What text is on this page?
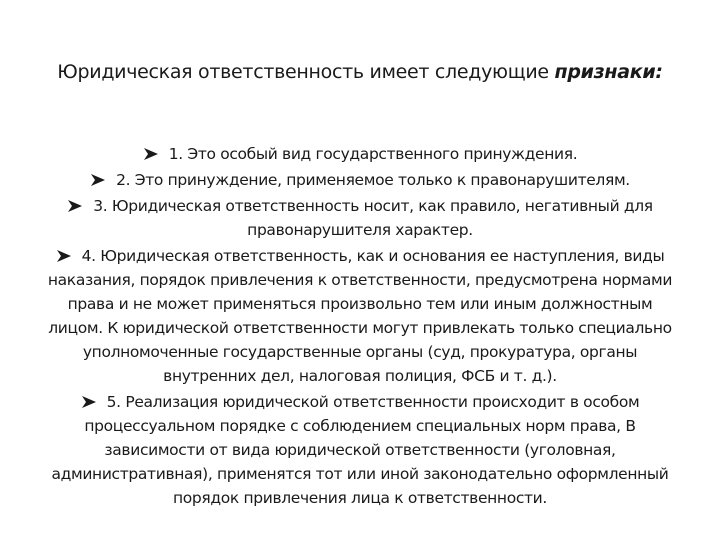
Юридическая ответственность имеет следующие признаки:
1. Это особый вид государственного принуждения.
2. Это принуждение, применяемое только к правонарушителям.
3. Юридическая ответственность носит, как правило, негативный для правонарушителя характер.
4. Юридическая ответственность, как и основания ее наступления, виды наказания, порядок привлечения к ответственности, предусмотрена нормами права и не может применяться произвольно тем или иным должностным лицом. К юридической ответственности могут привлекать только специально уполномоченные государственные органы (суд, прокуратура, органы внутренних дел, налоговая полиция, ФСБ и т. д.).
5. Реализация юридической ответственности происходит в особом процессуальном порядке с соблюдением специальных норм права, В зависимости от вида юридической ответственности (уголовная, административная), применятся тот или иной законодательно оформленный порядок привлечения лица к ответственности.
